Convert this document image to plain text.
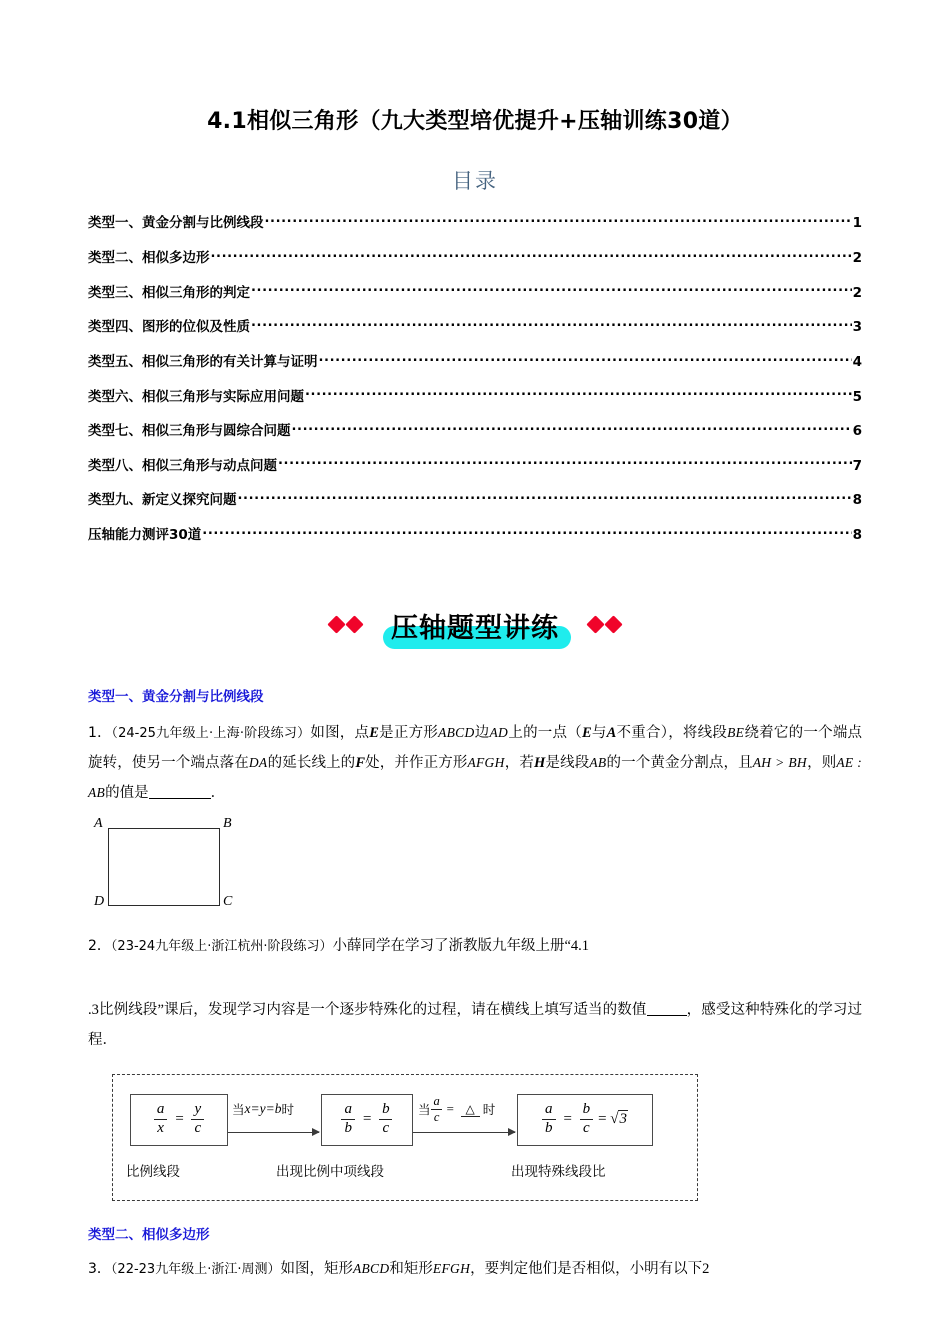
4.1相似三角形（九大类型培优提升+压轴训练30道）
目录
类型一、黄金分割与比例线段 .....	1
类型二、相似多边形 .....	2
类型三、相似三角形的判定 .....	2
类型四、图形的位似及性质 .....	3
类型五、相似三角形的有关计算与证明 .....	4
类型六、相似三角形与实际应用问题 .....	5
类型七、相似三角形与圆综合问题 .....	6
类型八、相似三角形与动点问题 .....	7
类型九、新定义探究问题 .....	8
压轴能力测评30道 .....	8
压轴题型讲练
类型一、黄金分割与比例线段
1．（24-25九年级上·上海·阶段练习）如图，点E是正方形ABCD边AD上的一点（E与A不重合），将线段BE绕着它的一个端点旋转，使另一个端点落在DA的延长线上的F处，并作正方形AFGH，若H是线段AB的一个黄金分割点，且AH > BH，则AE : AB的值是	．
A	B
D	C
2．（23-24九年级上·浙江杭州·阶段练习）小薛同学在学习了浙教版九年级上册“4.1
.3比例线段”课后，发现学习内容是一个逐步特殊化的过程，请在横线上填写适当的数值	，感受这种特殊化的学习过程．
$\frac{a}{x} = \frac{y}{c}$	$\frac{a}{b} = \frac{b}{c}$	$\frac{a}{b} = \frac{b}{c} = √3$
当 x=y=b 时	当 $\frac{a}{c}$ = △ 时
比例线段	出现比例中项线段	出现特殊线段比
类型二、相似多边形
3．（22-23九年级上·浙江·周测）如图，矩形ABCD和矩形EFGH，要判定他们是否相似，小明有以下2
